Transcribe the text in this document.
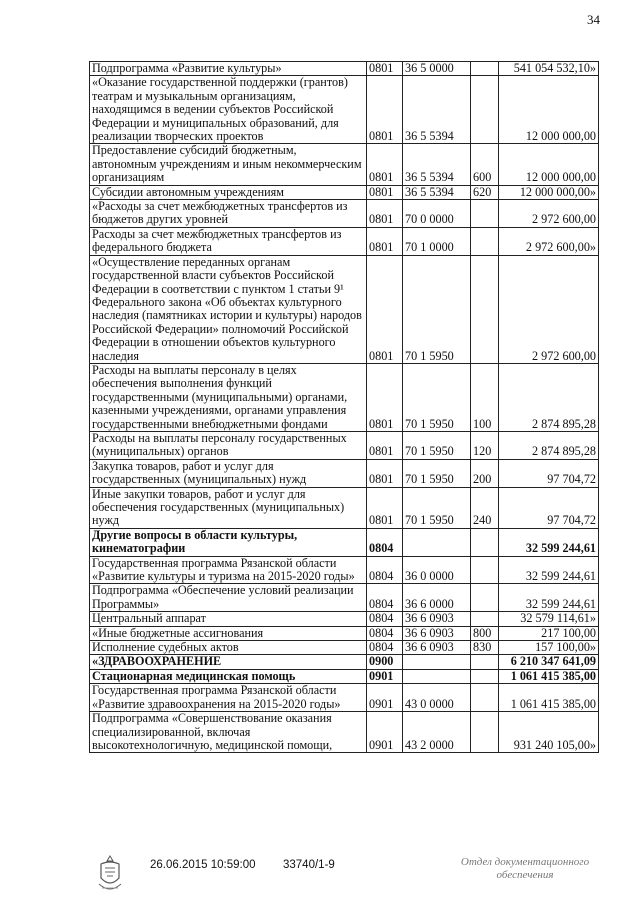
34
Подпрограмма «Развитие культуры»	0801	36 5 0000		541 054 532,10»
«Оказание государственной поддержки (грантов) театрам и музыкальным организациям, находящимся в ведении субъектов Российской Федерации и муниципальных образований, для реализации творческих проектов	0801	36 5 5394		12 000 000,00
Предоставление субсидий бюджетным, автономным учреждениям и иным некоммерческим организациям	0801	36 5 5394	600	12 000 000,00
Субсидии автономным учреждениям	0801	36 5 5394	620	12 000 000,00»
«Расходы за счет межбюджетных трансфертов из бюджетов других уровней	0801	70 0 0000		2 972 600,00
Расходы за счет межбюджетных трансфертов из федерального бюджета	0801	70 1 0000		2 972 600,00»
«Осуществление переданных органам государственной власти субъектов Российской Федерации в соответствии с пунктом 1 статьи 9¹ Федерального закона «Об объектах культурного наследия (памятниках истории и культуры) народов Российской Федерации» полномочий Российской Федерации в отношении объектов культурного наследия	0801	70 1 5950		2 972 600,00
Расходы на выплаты персоналу в целях обеспечения выполнения функций государственными (муниципальными) органами, казенными учреждениями, органами управления государственными внебюджетными фондами	0801	70 1 5950	100	2 874 895,28
Расходы на выплаты персоналу государственных (муниципальных) органов	0801	70 1 5950	120	2 874 895,28
Закупка товаров, работ и услуг для государственных (муниципальных) нужд	0801	70 1 5950	200	97 704,72
Иные закупки товаров, работ и услуг для обеспечения государственных (муниципальных) нужд	0801	70 1 5950	240	97 704,72
Другие вопросы в области культуры, кинематографии	0804			32 599 244,61
Государственная программа Рязанской области «Развитие культуры и туризма на 2015-2020 годы»	0804	36 0 0000		32 599 244,61
Подпрограмма «Обеспечение условий реализации Программы»	0804	36 6 0000		32 599 244,61
Центральный аппарат	0804	36 6 0903		32 579 114,61»
«Иные бюджетные ассигнования	0804	36 6 0903	800	217 100,00
Исполнение судебных актов	0804	36 6 0903	830	157 100,00»
«ЗДРАВООХРАНЕНИЕ	0900			6 210 347 641,09
Стационарная медицинская помощь	0901			1 061 415 385,00
Государственная программа Рязанской области «Развитие здравоохранения на 2015-2020 годы»	0901	43 0 0000		1 061 415 385,00
Подпрограмма «Совершенствование оказания специализированной, включая высокотехнологичную, медицинской помощи,	0901	43 2 0000		931 240 105,00»
26.06.2015 10:59:00 33740/1-9	Отдел документационного обеспечения
